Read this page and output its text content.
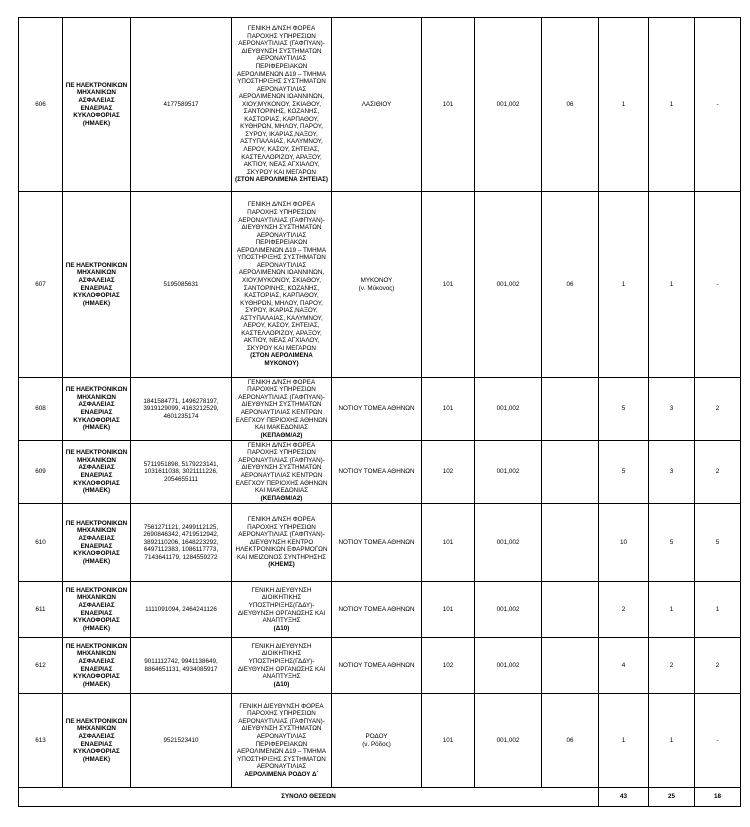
606	ΠΕ ΗΛΕΚΤΡΟΝΙΚΩΝ ΜΗΧΑΝΙΚΩΝ ΑΣΦΑΛΕΙΑΣ ΕΝΑΕΡΙΑΣ ΚΥΚΛΟΦΟΡΙΑΣ (ΗΜΑΕΚ)	4177589517	ΓΕΝΙΚΗ Δ/ΝΣΗ ΦΟΡΕΑ ΠΑΡΟΧΗΣ ΥΠΗΡΕΣΙΩΝ ΑΕΡΟΝΑΥΤΙΛΙΑΣ (ΓΑΦΠΥΑΝ)- ΔΙΕΥΘΥΝΣΗ ΣΥΣΤΗΜΑΤΩΝ ΑΕΡΟΝΑΥΤΙΛΙΑΣ ΠΕΡΙΦΕΡΕΙΑΚΩΝ ΑΕΡΟΛΙΜΕΝΩΝ Δ19 – ΤΜΗΜΑ ΥΠΟΣΤΗΡΙΞΗΣ ΣΥΣΤΗΜΑΤΩΝ ΑΕΡΟΝΑΥΤΙΛΙΑΣ ΑΕΡΟΛΙΜΕΝΩΝ ΙΩΑΝΝΙΝΩΝ, ΧΙΟΥ,ΜΥΚΟΝΟΥ, ΣΚΙΑΘΟΥ, ΣΑΝΤΟΡΙΝΗΣ, ΚΟΖΑΝΗΣ, ΚΑΣΤΟΡΙΑΣ, ΚΑΡΠΑΘΟΥ, ΚΥΘΗΡΩΝ, ΜΗΛΟΥ, ΠΑΡΟΥ, ΣΥΡΟΥ, ΙΚΑΡΙΑΣ,ΝΑΞΟΥ, ΑΣΤΥΠΑΛΑΙΑΣ, ΚΑΛΥΜΝΟΥ, ΛΕΡΟΥ, ΚΑΣΟΥ, ΣΗΤΕΙΑΣ, ΚΑΣΤΕΛΛΟΡΙΖΟΥ, ΑΡΑΞΟΥ, ΑΚΤΙΟΥ, ΝΕΑΣ ΑΓΧΙΑΛΟΥ, ΣΚΥΡΟΥ ΚΑΙ ΜΕΓΑΡΩΝ
(ΣΤΟΝ ΑΕΡΟΛΙΜΕΝΑ ΣΗΤΕΙΑΣ)	ΛΑΣΙΘΙΟΥ	101	001,002	06	1	1	-
607	ΠΕ ΗΛΕΚΤΡΟΝΙΚΩΝ ΜΗΧΑΝΙΚΩΝ ΑΣΦΑΛΕΙΑΣ ΕΝΑΕΡΙΑΣ ΚΥΚΛΟΦΟΡΙΑΣ (ΗΜΑΕΚ)	5195085631	ΓΕΝΙΚΗ Δ/ΝΣΗ ΦΟΡΕΑ ΠΑΡΟΧΗΣ ΥΠΗΡΕΣΙΩΝ ΑΕΡΟΝΑΥΤΙΛΙΑΣ (ΓΑΦΠΥΑΝ)- ΔΙΕΥΘΥΝΣΗ ΣΥΣΤΗΜΑΤΩΝ ΑΕΡΟΝΑΥΤΙΛΙΑΣ ΠΕΡΙΦΕΡΕΙΑΚΩΝ ΑΕΡΟΛΙΜΕΝΩΝ Δ19 – ΤΜΗΜΑ ΥΠΟΣΤΗΡΙΞΗΣ ΣΥΣΤΗΜΑΤΩΝ ΑΕΡΟΝΑΥΤΙΛΙΑΣ ΑΕΡΟΛΙΜΕΝΩΝ ΙΩΑΝΝΙΝΩΝ, ΧΙΟΥ,ΜΥΚΟΝΟΥ, ΣΚΙΑΘΟΥ, ΣΑΝΤΟΡΙΝΗΣ, ΚΟΖΑΝΗΣ, ΚΑΣΤΟΡΙΑΣ, ΚΑΡΠΑΘΟΥ, ΚΥΘΗΡΩΝ, ΜΗΛΟΥ, ΠΑΡΟΥ, ΣΥΡΟΥ, ΙΚΑΡΙΑΣ,ΝΑΞΟΥ, ΑΣΤΥΠΑΛΑΙΑΣ, ΚΑΛΥΜΝΟΥ, ΛΕΡΟΥ, ΚΑΣΟΥ, ΣΗΤΕΙΑΣ, ΚΑΣΤΕΛΛΟΡΙΖΟΥ, ΑΡΑΞΟΥ, ΑΚΤΙΟΥ, ΝΕΑΣ ΑΓΧΙΑΛΟΥ, ΣΚΥΡΟΥ ΚΑΙ ΜΕΓΑΡΩΝ
(ΣΤΟΝ ΑΕΡΟΛΙΜΕΝΑ ΜΥΚΟΝΟΥ)	ΜΥΚΟΝΟΥ
(ν. Μύκονος)	101	001,002	06	1	1	-
608	ΠΕ ΗΛΕΚΤΡΟΝΙΚΩΝ ΜΗΧΑΝΙΚΩΝ ΑΣΦΑΛΕΙΑΣ ΕΝΑΕΡΙΑΣ ΚΥΚΛΟΦΟΡΙΑΣ (ΗΜΑΕΚ)	1841584771, 1496278197, 3919129099, 4163212529, 4601235174	ΓΕΝΙΚΗ Δ/ΝΣΗ ΦΟΡΕΑ ΠΑΡΟΧΗΣ ΥΠΗΡΕΣΙΩΝ ΑΕΡΟΝΑΥΤΙΛΙΑΣ (ΓΑΦΠΥΑΝ)- ΔΙΕΥΘΥΝΣΗ ΣΥΣΤΗΜΑΤΩΝ ΑΕΡΟΝΑΥΤΙΛΙΑΣ ΚΕΝΤΡΩΝ ΕΛΕΓΧΟΥ ΠΕΡΙΟΧΗΣ ΑΘΗΝΩΝ ΚΑΙ ΜΑΚΕΔΟΝΙΑΣ
(ΚΕΠΑΘΜ/Α2)	ΝΟΤΙΟΥ ΤΟΜΕΑ ΑΘΗΝΩΝ	101	001,002		5	3	2
609	ΠΕ ΗΛΕΚΤΡΟΝΙΚΩΝ ΜΗΧΑΝΙΚΩΝ ΑΣΦΑΛΕΙΑΣ ΕΝΑΕΡΙΑΣ ΚΥΚΛΟΦΟΡΙΑΣ (ΗΜΑΕΚ)	5711951898, 5179223141, 1031611038, 3021111226, 2054655111	ΓΕΝΙΚΗ Δ/ΝΣΗ ΦΟΡΕΑ ΠΑΡΟΧΗΣ ΥΠΗΡΕΣΙΩΝ ΑΕΡΟΝΑΥΤΙΛΙΑΣ (ΓΑΦΠΥΑΝ)- ΔΙΕΥΘΥΝΣΗ ΣΥΣΤΗΜΑΤΩΝ ΑΕΡΟΝΑΥΤΙΛΙΑΣ ΚΕΝΤΡΩΝ ΕΛΕΓΧΟΥ ΠΕΡΙΟΧΗΣ ΑΘΗΝΩΝ ΚΑΙ ΜΑΚΕΔΟΝΙΑΣ
(ΚΕΠΑΘΜ/Α2)	ΝΟΤΙΟΥ ΤΟΜΕΑ ΑΘΗΝΩΝ	102	001,002		5	3	2
610	ΠΕ ΗΛΕΚΤΡΟΝΙΚΩΝ ΜΗΧΑΝΙΚΩΝ ΑΣΦΑΛΕΙΑΣ ΕΝΑΕΡΙΑΣ ΚΥΚΛΟΦΟΡΙΑΣ (ΗΜΑΕΚ)	7561271121, 2499112125, 2690846342, 4719512942, 3892110206, 1648223292, 6497112383, 1086117773, 7143641179, 1284559272	ΓΕΝΙΚΗ Δ/ΝΣΗ ΦΟΡΕΑ ΠΑΡΟΧΗΣ ΥΠΗΡΕΣΙΩΝ ΑΕΡΟΝΑΥΤΙΛΙΑΣ (ΓΑΦΠΥΑΝ)- ΔΙΕΥΘΥΝΣΗ ΚΕΝΤΡΟ ΗΛΕΚΤΡΟΝΙΚΩΝ ΕΦΑΡΜΟΓΩΝ ΚΑΙ ΜΕΙΖΟΝΟΣ ΣΥΝΤΗΡΗΣΗΣ
(ΚΗΕΜΣ)	ΝΟΤΙΟΥ ΤΟΜΕΑ ΑΘΗΝΩΝ	101	001,002		10	5	5
611	ΠΕ ΗΛΕΚΤΡΟΝΙΚΩΝ ΜΗΧΑΝΙΚΩΝ ΑΣΦΑΛΕΙΑΣ ΕΝΑΕΡΙΑΣ ΚΥΚΛΟΦΟΡΙΑΣ (ΗΜΑΕΚ)	1111091094, 2464241126	ΓΕΝΙΚΗ ΔΙΕΥΘΥΝΣΗ ΔΙΟΙΚΗΤΙΚΗΣ ΥΠΟΣΤΗΡΙΞΗΣ(ΓΔΔΥ)- ΔΙΕΥΘΥΝΣΗ ΟΡΓΑΝΩΣΗΣ ΚΑΙ ΑΝΑΠΤΥΞΗΣ
(Δ10)	ΝΟΤΙΟΥ ΤΟΜΕΑ ΑΘΗΝΩΝ	101	001,002		2	1	1
612	ΠΕ ΗΛΕΚΤΡΟΝΙΚΩΝ ΜΗΧΑΝΙΚΩΝ ΑΣΦΑΛΕΙΑΣ ΕΝΑΕΡΙΑΣ ΚΥΚΛΟΦΟΡΙΑΣ (ΗΜΑΕΚ)	9011112742, 9941138649, 8864651131, 4934085917	ΓΕΝΙΚΗ ΔΙΕΥΘΥΝΣΗ ΔΙΟΙΚΗΤΙΚΗΣ ΥΠΟΣΤΗΡΙΞΗΣ(ΓΔΔΥ)- ΔΙΕΥΘΥΝΣΗ ΟΡΓΑΝΩΣΗΣ ΚΑΙ ΑΝΑΠΤΥΞΗΣ
(Δ10)	ΝΟΤΙΟΥ ΤΟΜΕΑ ΑΘΗΝΩΝ	102	001,002		4	2	2
613	ΠΕ ΗΛΕΚΤΡΟΝΙΚΩΝ ΜΗΧΑΝΙΚΩΝ ΑΣΦΑΛΕΙΑΣ ΕΝΑΕΡΙΑΣ ΚΥΚΛΟΦΟΡΙΑΣ (ΗΜΑΕΚ)	9521523410	ΓΕΝΙΚΗ ΔΙΕΥΘΥΝΣΗ ΦΟΡΕΑ ΠΑΡΟΧΗΣ ΥΠΗΡΕΣΙΩΝ ΑΕΡΟΝΑΥΤΙΛΙΑΣ (ΓΑΦΠΥΑΝ)- ΔΙΕΥΘΥΝΣΗ ΣΥΣΤΗΜΑΤΩΝ ΑΕΡΟΝΑΥΤΙΛΙΑΣ ΠΕΡΙΦΕΡΕΙΑΚΩΝ ΑΕΡΟΛΙΜΕΝΩΝ Δ19 – ΤΜΗΜΑ ΥΠΟΣΤΗΡΙΞΗΣ ΣΥΣΤΗΜΑΤΩΝ ΑΕΡΟΝΑΥΤΙΛΙΑΣ
ΑΕΡΟΛΙΜΕΝΑ ΡΟΔΟΥ Δ΄	ΡΟΔΟΥ
(ν. Ρόδος)	101	001,002	06	1	1	-
ΣΥΝΟΛΟ ΘΕΣΕΩΝ								43	25	18
